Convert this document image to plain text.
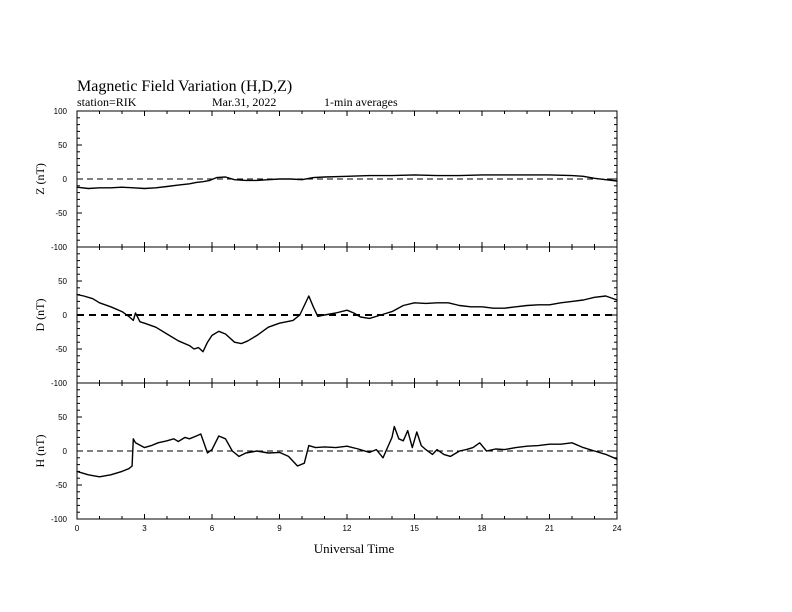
Magnetic Field Variation (H,D,Z)
station=RIK	Mar.31, 2022	1-min averages
100
50
0
-50
-100
Z (nT)
50
0
-50
-100
D (nT)
50
0
-50
-100
H (nT)
0	3	6	9	12	15	18	21	24
Universal Time
